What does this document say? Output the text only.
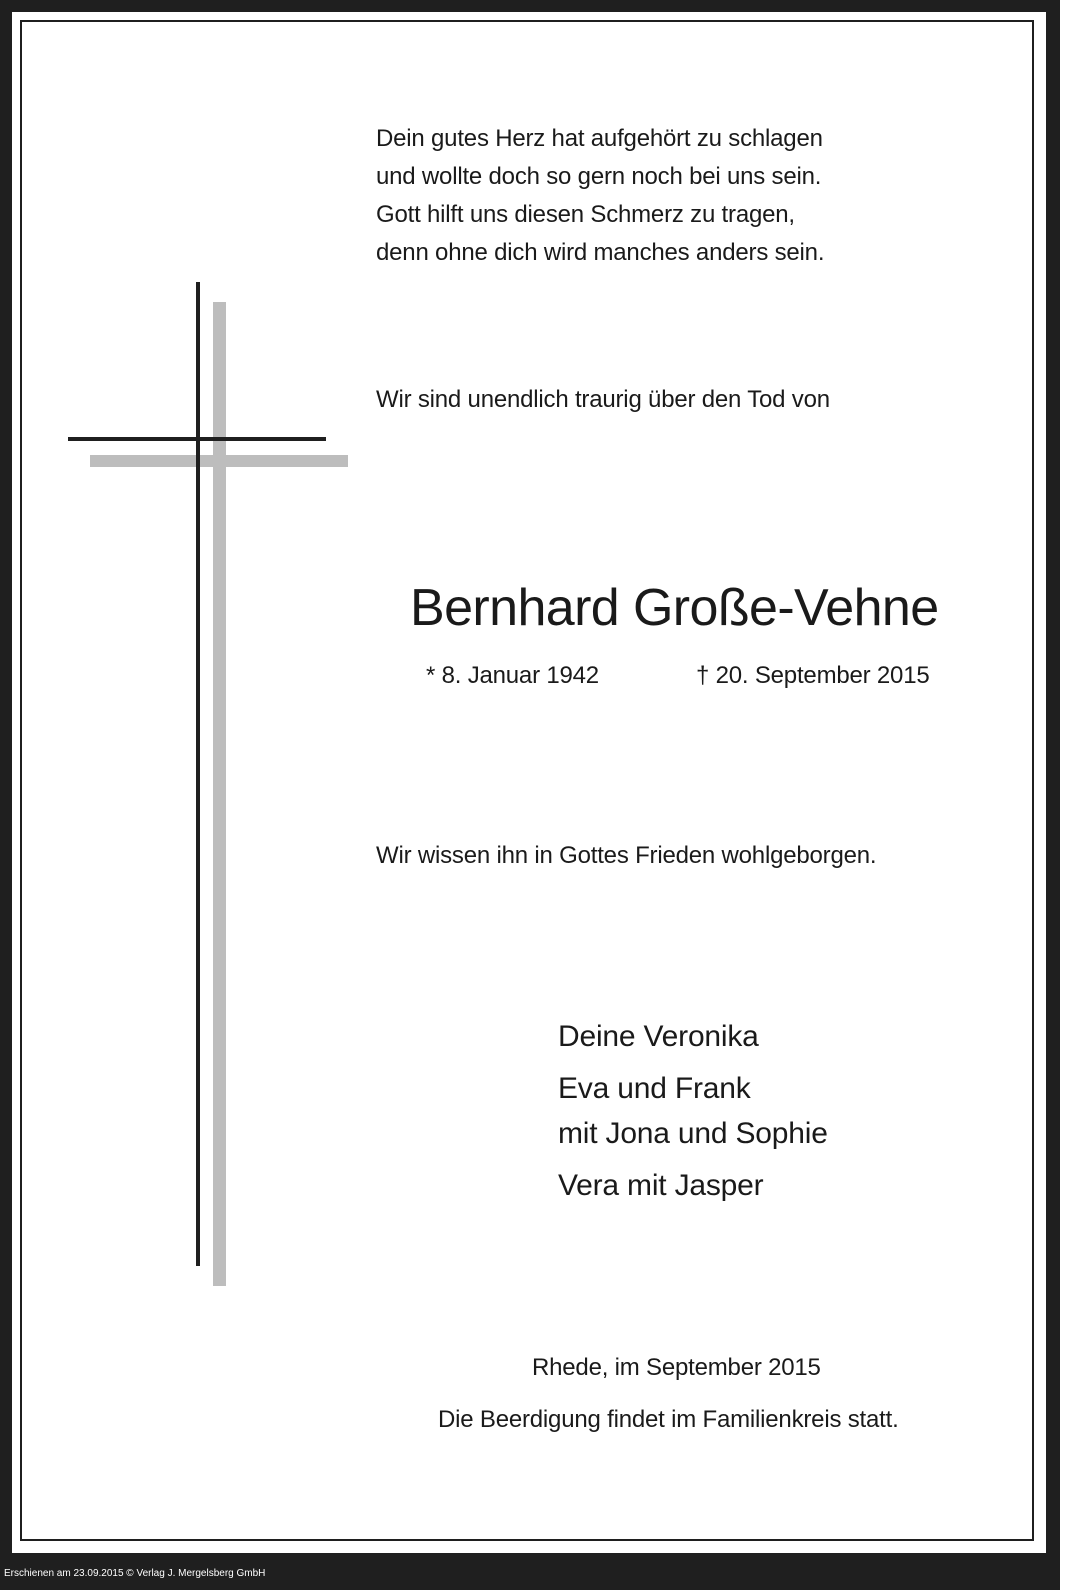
Erschienen am 23.09.2015 © Verlag J. Mergelsberg GmbH
Dein gutes Herz hat aufgehört zu schlagen
und wollte doch so gern noch bei uns sein.
Gott hilft uns diesen Schmerz zu tragen,
denn ohne dich wird manches anders sein.
Wir sind unendlich traurig über den Tod von
Bernhard Große-Vehne
* 8. Januar 1942	† 20. September 2015
Wir wissen ihn in Gottes Frieden wohlgeborgen.
Deine Veronika
Eva und Frank
mit Jona und Sophie
Vera mit Jasper
Rhede, im September 2015
Die Beerdigung findet im Familienkreis statt.
